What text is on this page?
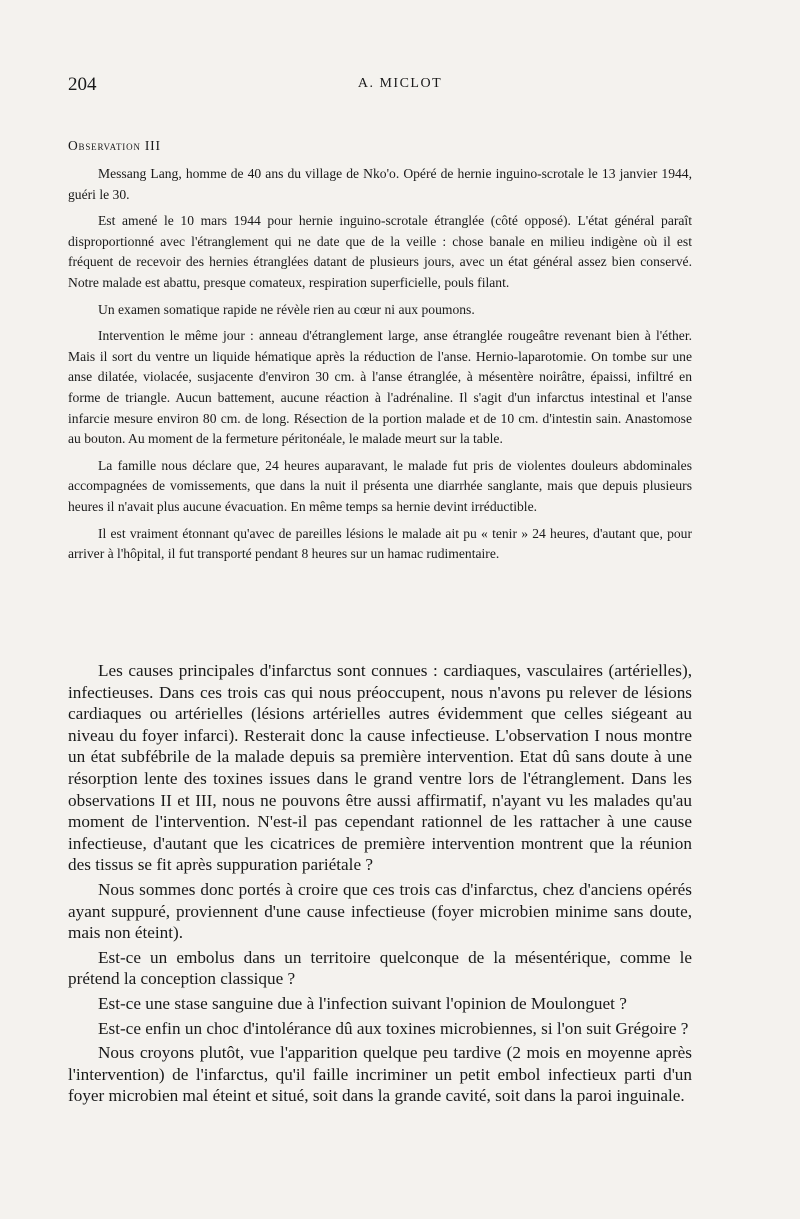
204	A. MICLOT
Observation III

Messang Lang, homme de 40 ans du village de Nko'o. Opéré de hernie inguino-scrotale le 13 janvier 1944, guéri le 30.

Est amené le 10 mars 1944 pour hernie inguino-scrotale étranglée (côté opposé). L'état général paraît disproportionné avec l'étranglement qui ne date que de la veille : chose banale en milieu indigène où il est fréquent de recevoir des hernies étranglées datant de plusieurs jours, avec un état général assez bien conservé. Notre malade est abattu, presque comateux, respiration superficielle, pouls filant.

Un examen somatique rapide ne révèle rien au cœur ni aux poumons.

Intervention le même jour : anneau d'étranglement large, anse étranglée rougeâtre revenant bien à l'éther. Mais il sort du ventre un liquide hématique après la réduction de l'anse. Hernio-laparotomie. On tombe sur une anse dilatée, violacée, susjacente d'environ 30 cm. à l'anse étranglée, à mésentère noirâtre, épaissi, infiltré en forme de triangle. Aucun battement, aucune réaction à l'adrénaline. Il s'agit d'un infarctus intestinal et l'anse infarcie mesure environ 80 cm. de long. Résection de la portion malade et de 10 cm. d'intestin sain. Anastomose au bouton. Au moment de la fermeture péritonéale, le malade meurt sur la table.

La famille nous déclare que, 24 heures auparavant, le malade fut pris de violentes douleurs abdominales accompagnées de vomissements, que dans la nuit il présenta une diarrhée sanglante, mais que depuis plusieurs heures il n'avait plus aucune évacuation. En même temps sa hernie devint irréductible.

Il est vraiment étonnant qu'avec de pareilles lésions le malade ait pu « tenir » 24 heures, d'autant que, pour arriver à l'hôpital, il fut transporté pendant 8 heures sur un hamac rudimentaire.

Les causes principales d'infarctus sont connues : cardiaques, vasculaires (artérielles), infectieuses. Dans ces trois cas qui nous préoccupent, nous n'avons pu relever de lésions cardiaques ou artérielles (lésions artérielles autres évidemment que celles siégeant au niveau du foyer infarci). Resterait donc la cause infectieuse. L'observation I nous montre un état subfébrile de la malade depuis sa première intervention. Etat dû sans doute à une résorption lente des toxines issues dans le grand ventre lors de l'étranglement. Dans les observations II et III, nous ne pouvons être aussi affirmatif, n'ayant vu les malades qu'au moment de l'intervention. N'est-il pas cependant rationnel de les rattacher à une cause infectieuse, d'autant que les cicatrices de première intervention montrent que la réunion des tissus se fit après suppuration pariétale ?

Nous sommes donc portés à croire que ces trois cas d'infarctus, chez d'anciens opérés ayant suppuré, proviennent d'une cause infectieuse (foyer microbien minime sans doute, mais non éteint).

Est-ce un embolus dans un territoire quelconque de la mésentérique, comme le prétend la conception classique ?

Est-ce une stase sanguine due à l'infection suivant l'opinion de Moulonguet ?

Est-ce enfin un choc d'intolérance dû aux toxines microbiennes, si l'on suit Grégoire ?

Nous croyons plutôt, vue l'apparition quelque peu tardive (2 mois en moyenne après l'intervention) de l'infarctus, qu'il faille incriminer un petit embol infectieux parti d'un foyer microbien mal éteint et situé, soit dans la grande cavité, soit dans la paroi inguinale.
